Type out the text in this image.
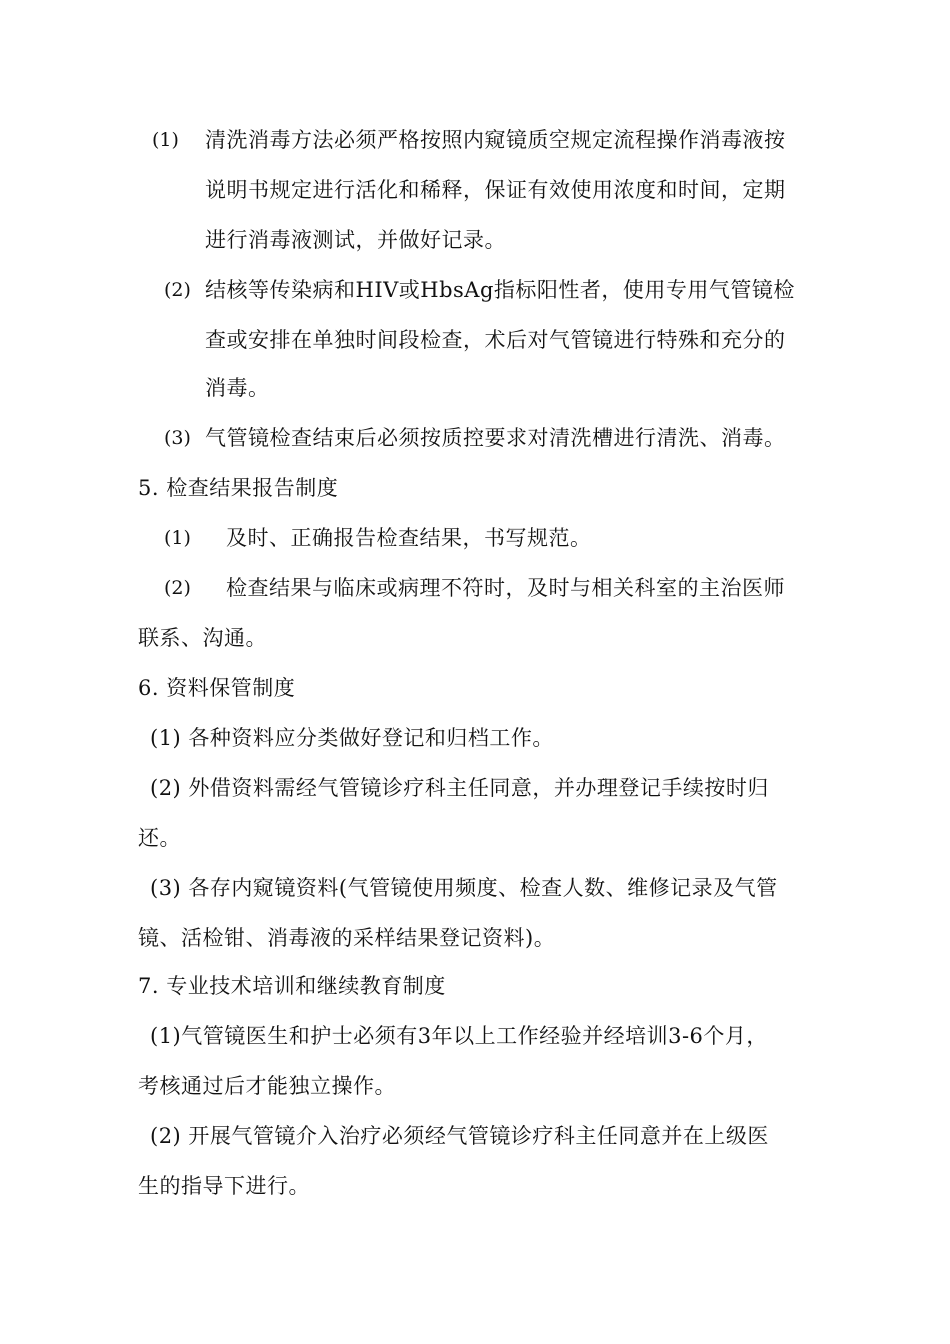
(1) 清洗消毒方法必须严格按照内窥镜质空规定流程操作消毒液按
说明书规定进行活化和稀释，保证有效使用浓度和时间，定期
进行消毒液测试，并做好记录。
(2) 结核等传染病和HIV或HbsAg指标阳性者，使用专用气管镜检
查或安排在单独时间段检查，术后对气管镜进行特殊和充分的
消毒。
(3) 气管镜检查结束后必须按质控要求对清洗槽进行清洗、消毒。
5. 检查结果报告制度
(1) 及时、正确报告检查结果，书写规范。
(2) 检查结果与临床或病理不符时，及时与相关科室的主治医师
联系、沟通。
6. 资料保管制度
(1) 各种资料应分类做好登记和归档工作。
(2) 外借资料需经气管镜诊疗科主任同意，并办理登记手续按时归
还。
(3) 各存内窥镜资料(气管镜使用频度、检查人数、维修记录及气管
镜、活检钳、消毒液的采样结果登记资料)。
7. 专业技术培训和继续教育制度
(1)气管镜医生和护士必须有3年以上工作经验并经培训3-6个月，
考核通过后才能独立操作。
(2) 开展气管镜介入治疗必须经气管镜诊疗科主任同意并在上级医
生的指导下进行。
